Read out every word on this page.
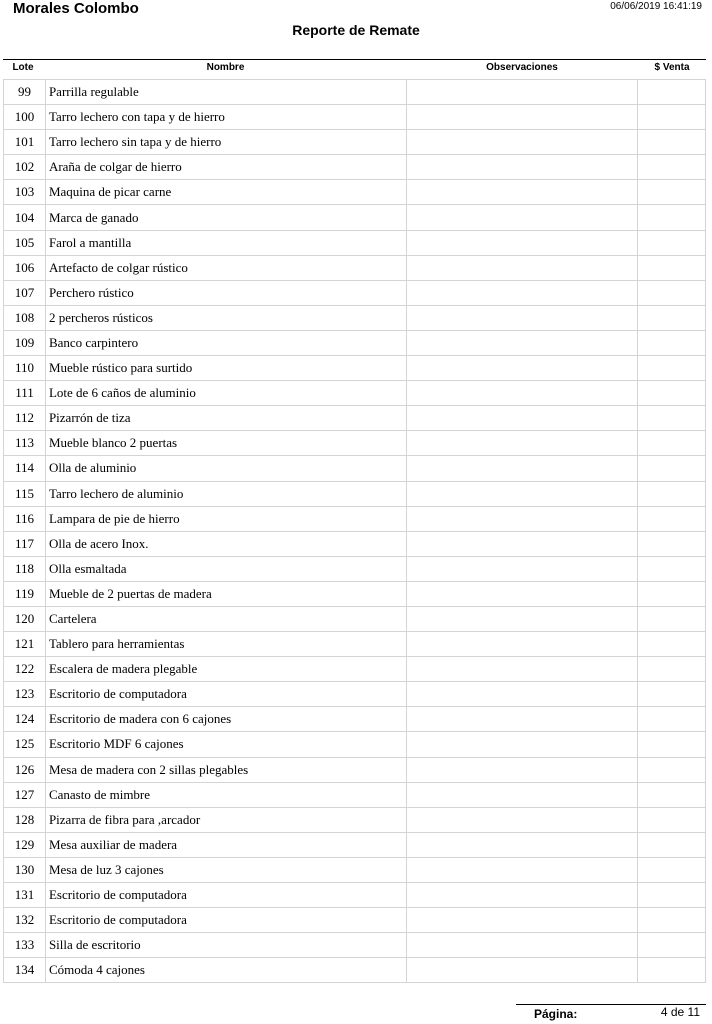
Morales Colombo	06/06/2019 16:41:19
Reporte de Remate
Lote	Nombre	Observaciones	$ Venta
99	Parrilla regulable
100	Tarro lechero con tapa y de hierro
101	Tarro lechero sin tapa y de hierro
102	Araña de colgar de hierro
103	Maquina de picar carne
104	Marca de ganado
105	Farol a mantilla
106	Artefacto de colgar rústico
107	Perchero rústico
108	2 percheros rústicos
109	Banco carpintero
110	Mueble rústico para surtido
111	Lote de 6 caños de aluminio
112	Pizarrón de tiza
113	Mueble blanco 2 puertas
114	Olla de aluminio
115	Tarro lechero de aluminio
116	Lampara de pie de hierro
117	Olla de acero Inox.
118	Olla esmaltada
119	Mueble de 2 puertas de madera
120	Cartelera
121	Tablero para herramientas
122	Escalera de madera plegable
123	Escritorio de computadora
124	Escritorio de madera con 6 cajones
125	Escritorio MDF 6 cajones
126	Mesa de madera con 2 sillas plegables
127	Canasto de mimbre
128	Pizarra de fibra para ,arcador
129	Mesa auxiliar de madera
130	Mesa de luz 3 cajones
131	Escritorio de computadora
132	Escritorio de computadora
133	Silla de escritorio
134	Cómoda 4 cajones
Página:	4 de 11
